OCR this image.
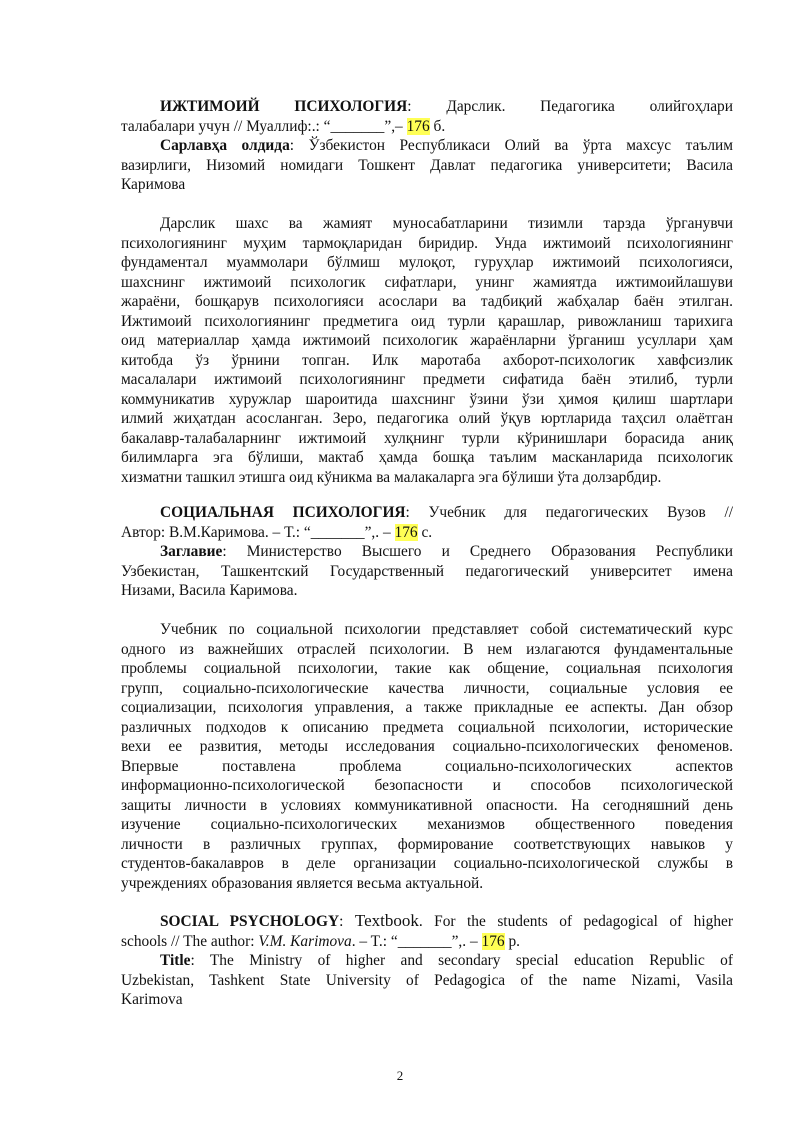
ИЖТИМОИЙ ПСИХОЛОГИЯ: Дарслик. Педагогика олийгоҳлари

талабалари учун // Муаллиф:.: “_______”,– 176 б.

Сарлавҳа олдида: Ўзбекистон Республикаси Олий ва ўрта махсус таълим

вазирлиги, Низомий номидаги Тошкент Давлат педагогика университети; Васила

Каримова

Дарслик шахс ва жамият муносабатларини тизимли тарзда ўрганувчи

психологиянинг муҳим тармоқларидан биридир. Унда ижтимоий психологиянинг

фундаментал муаммолари бўлмиш мулоқот, гуруҳлар ижтимоий психологияси,

шахснинг ижтимоий психологик сифатлари, унинг жамиятда ижтимоийлашуви

жараёни, бошқарув психологияси асослари ва тадбиқий жабҳалар баён этилган.

Ижтимоий психологиянинг предметига оид турли қарашлар, ривожланиш тарихига

оид материаллар ҳамда ижтимоий психологик жараёнларни ўрганиш усуллари ҳам

китобда ўз ўрнини топган. Илк маротаба ахборот-психологик хавфсизлик

масалалари ижтимоий психологиянинг предмети сифатида баён этилиб, турли

коммуникатив хуружлар шароитида шахснинг ўзини ўзи ҳимоя қилиш шартлари

илмий жиҳатдан асосланган. Зеро, педагогика олий ўқув юртларида таҳсил олаётган

бакалавр-талабаларнинг ижтимоий хулқнинг турли кўринишлари борасида аниқ

билимларга эга бўлиши, мактаб ҳамда бошқа таълим масканларида психологик

хизматни ташкил этишга оид кўникма ва малакаларга эга бўлиши ўта долзарбдир.

СОЦИАЛЬНАЯ ПСИХОЛОГИЯ: Учебник для педагогических Вузов //

Автор: В.М.Каримова. – Т.: “_______”,. – 176 с.

Заглавие: Министерство Высшего и Среднего Образования Республики

Узбекистан, Ташкентский Государственный педагогический университет имена

Низами, Васила Каримова.

Учебник по социальной психологии представляет собой систематический курс

одного из важнейших отраслей психологии. В нем излагаются фундаментальные

проблемы социальной психологии, такие как общение, социальная психология

групп, социально-психологические качества личности, социальные условия ее

социализации, психология управления, а также прикладные ее аспекты. Дан обзор

различных подходов к описанию предмета социальной психологии, исторические

вехи ее развития, методы исследования социально-психологических феноменов.

Впервые поставлена проблема социально-психологических аспектов

информационно-психологической безопасности и способов психологической

защиты личности в условиях коммуникативной опасности. На сегодняшний день

изучение социально-психологических механизмов общественного поведения

личности в различных группах, формирование соответствующих навыков у

студентов-бакалавров в деле организации социально-психологической службы в

учреждениях образования является весьма актуальной.

SOCIAL PSYCHOLOGY: Textbook. For the students of pedagogical of higher

schools // The author: V.M. Karimova. – T.: “_______”,. – 176 p.

Title: The Ministry of higher and secondary special education Republic of

Uzbekistan, Tashkent State University of Pedagogica of the name Nizami, Vasila

Karimova

2
